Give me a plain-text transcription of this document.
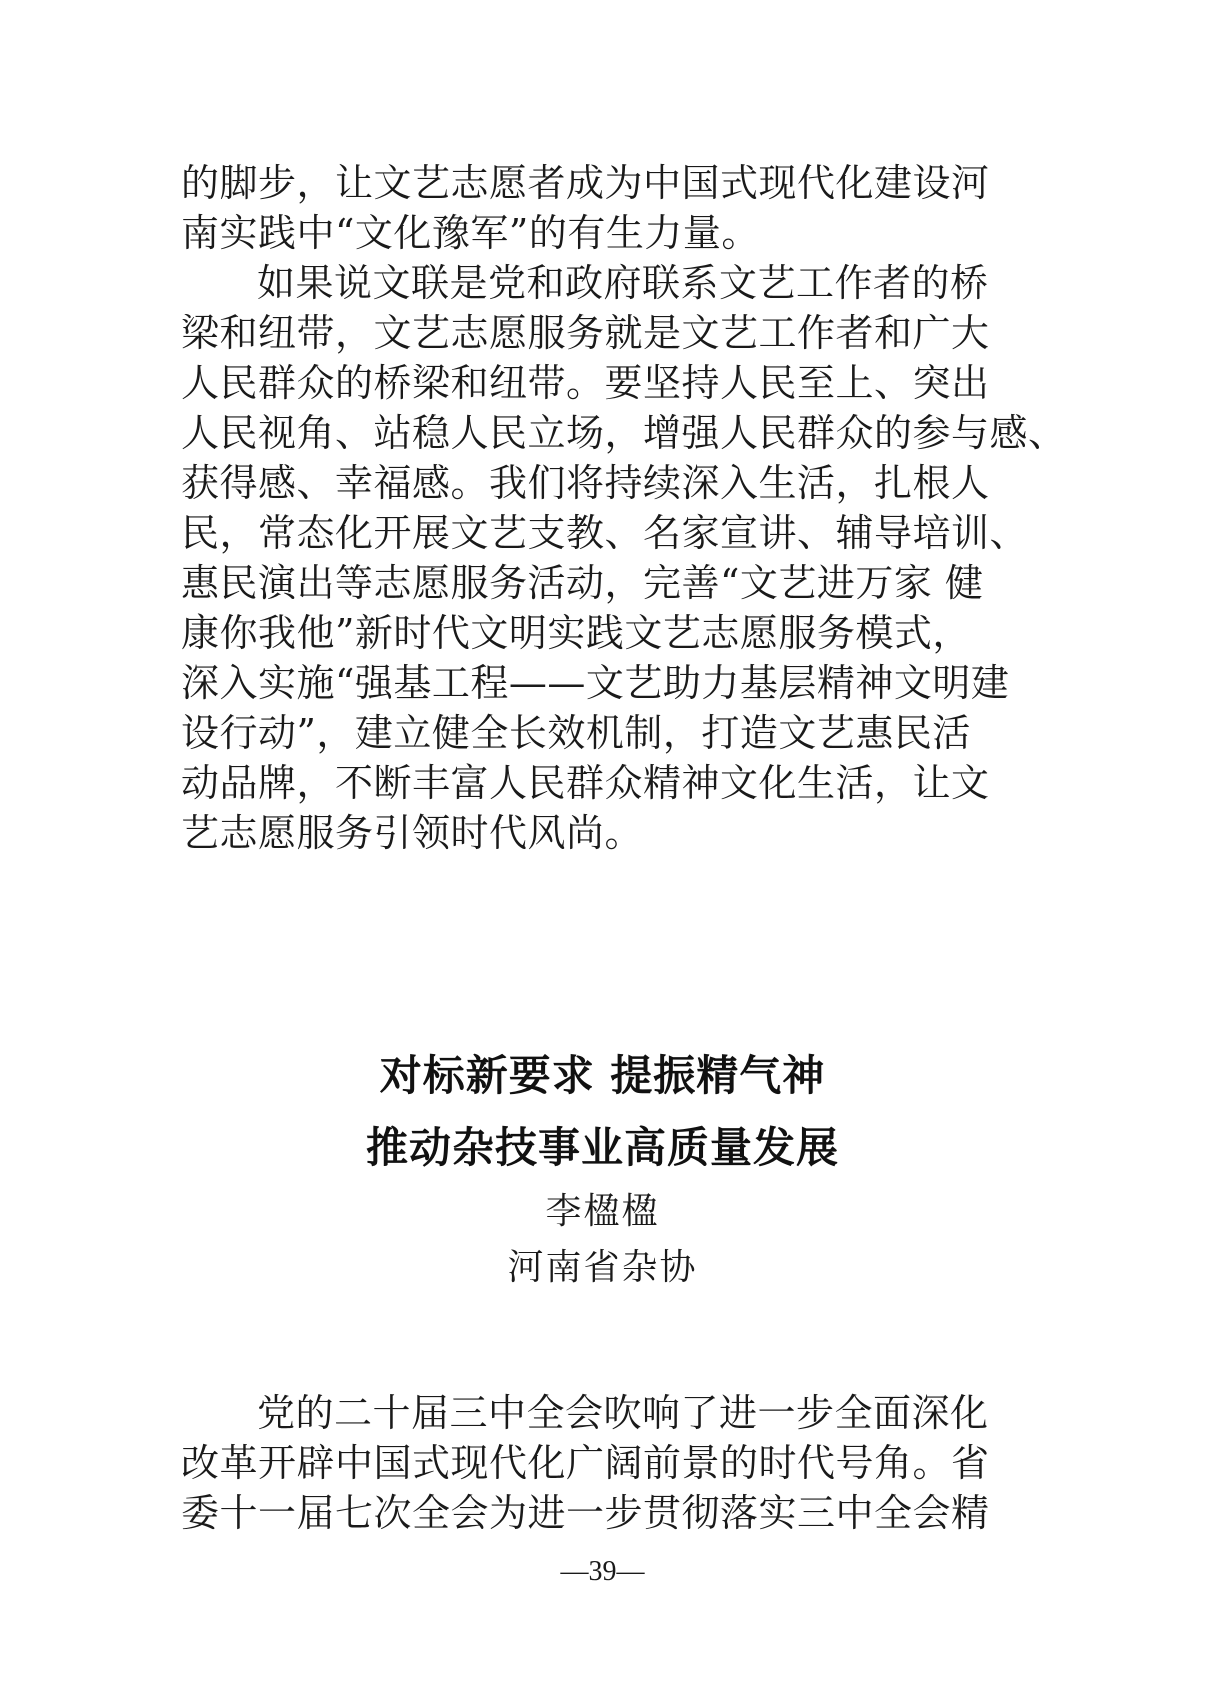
的脚步，让文艺志愿者成为中国式现代化建设河
南实践中“文化豫军”的有生力量。
如果说文联是党和政府联系文艺工作者的桥
梁和纽带，文艺志愿服务就是文艺工作者和广大
人民群众的桥梁和纽带。要坚持人民至上、突出
人民视角、站稳人民立场，增强人民群众的参与感、
获得感、幸福感。我们将持续深入生活，扎根人
民，常态化开展文艺支教、名家宣讲、辅导培训、
惠民演出等志愿服务活动，完善“文艺进万家 健
康你我他”新时代文明实践文艺志愿服务模式，
深入实施“强基工程——文艺助力基层精神文明建
设行动”，建立健全长效机制，打造文艺惠民活
动品牌，不断丰富人民群众精神文化生活，让文
艺志愿服务引领时代风尚。
对标新要求 提振精气神
推动杂技事业高质量发展
李楹楹
河南省杂协
党的二十届三中全会吹响了进一步全面深化
改革开辟中国式现代化广阔前景的时代号角。省
委十一届七次全会为进一步贯彻落实三中全会精
—39—
